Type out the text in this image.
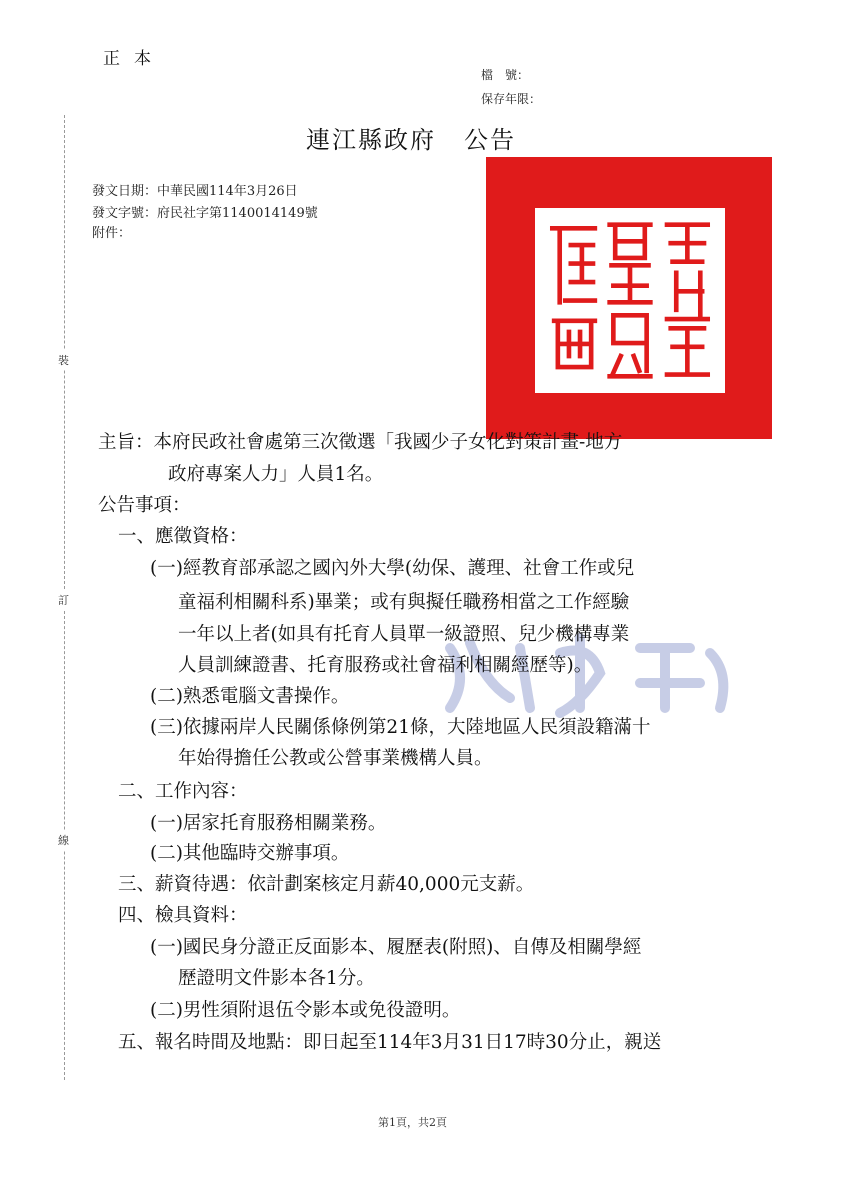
正本
檔　號：
保存年限：
連江縣政府 公告
發文日期：中華民國114年3月26日
發文字號：府民社字第1140014149號
附件：
裝
訂
線
主旨：本府民政社會處第三次徵選「我國少子女化對策計畫-地方
政府專案人力」人員1名。
公告事項：
一、應徵資格：
(一)經教育部承認之國內外大學(幼保、護理、社會工作或兒
童福利相關科系)畢業；或有與擬任職務相當之工作經驗
一年以上者(如具有托育人員單一級證照、兒少機構專業
人員訓練證書、托育服務或社會福利相關經歷等)。
(二)熟悉電腦文書操作。
(三)依據兩岸人民關係條例第21條，大陸地區人民須設籍滿十
年始得擔任公教或公營事業機構人員。
二、工作內容：
(一)居家托育服務相關業務。
(二)其他臨時交辦事項。
三、薪資待遇：依計劃案核定月薪40,000元支薪。
四、檢具資料：
(一)國民身分證正反面影本、履歷表(附照)、自傳及相關學經
歷證明文件影本各1分。
(二)男性須附退伍令影本或免役證明。
五、報名時間及地點：即日起至114年3月31日17時30分止，親送
第1頁，共2頁
